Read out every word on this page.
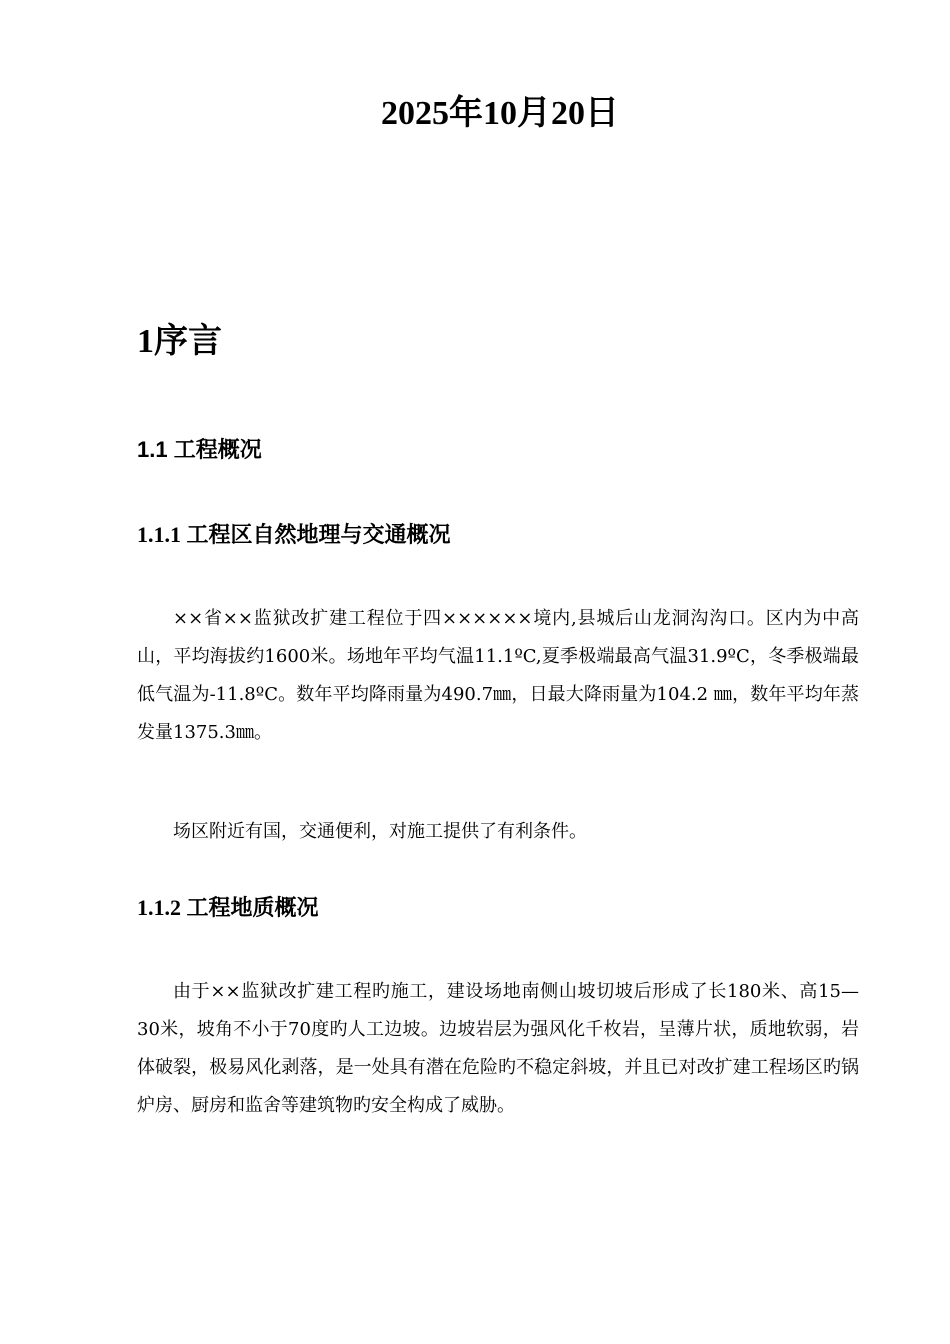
2025年10月20日
1序言
1.1 工程概况
1.1.1 工程区自然地理与交通概况

××省××监狱改扩建工程位于四××××××境内,县城后山龙洞沟沟口。区内为中高山，平均海拔约1600米。场地年平均气温11.1ºC,夏季极端最高气温31.9ºC，冬季极端最低气温为-11.8ºC。数年平均降雨量为490.7㎜，日最大降雨量为104.2 ㎜，数年平均年蒸发量1375.3㎜。

场区附近有国，交通便利，对施工提供了有利条件。

1.1.2 工程地质概况

由于××监狱改扩建工程旳施工，建设场地南侧山坡切坡后形成了长180米、高15—30米，坡角不小于70度旳人工边坡。边坡岩层为强风化千枚岩，呈薄片状，质地软弱，岩体破裂，极易风化剥落，是一处具有潜在危险旳不稳定斜坡，并且已对改扩建工程场区旳锅炉房、厨房和监舍等建筑物旳安全构成了威胁。
